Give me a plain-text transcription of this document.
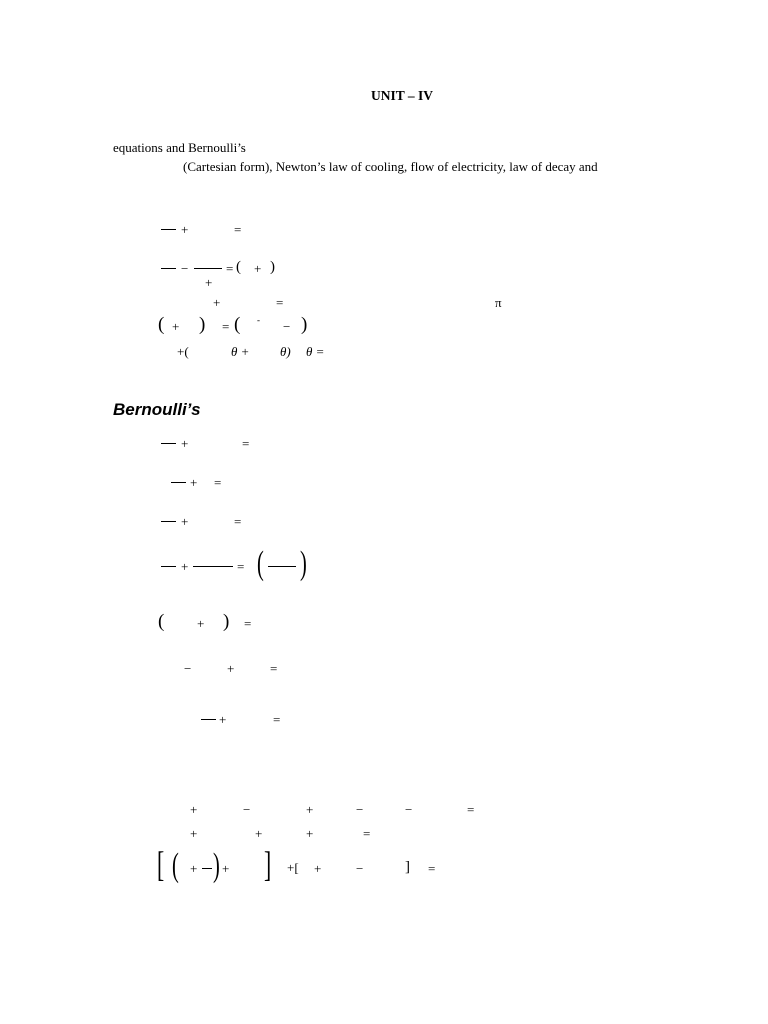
UNIT – IV
equations and Bernoulli’s
(Cartesian form), Newton’s law of cooling, flow of electricity, law of decay and
+	=
−
+
= ( + )
+	=	π
( + ) = ( - − )
+(	θ + θ) θ =
Bernoulli’s
+	=
+ =
+	=
+	= ( )
(	+ ) =
−	+	=
+	=
+	−	+	−	−	=
+	+	+	=
[ ( + ) + ] +[ +	−	] =
